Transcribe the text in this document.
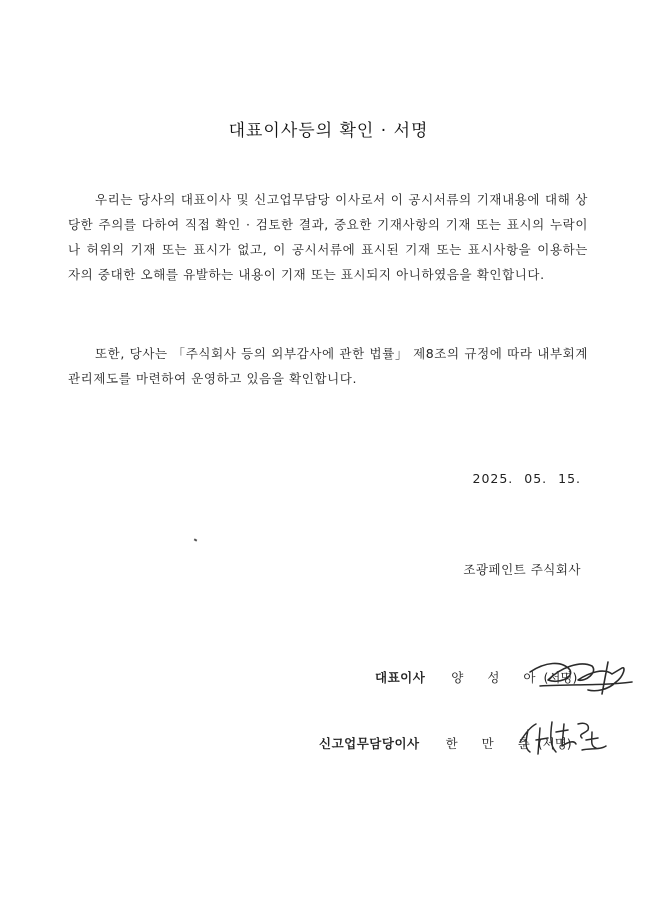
대표이사등의 확인 · 서명

우리는 당사의 대표이사 및 신고업무담당 이사로서 이 공시서류의 기재내용에 대해 상당한 주의를 다하여 직접 확인 · 검토한 결과, 중요한 기재사항의 기재 또는 표시의 누락이나 허위의 기재 또는 표시가 없고, 이 공시서류에 표시된 기재 또는 표시사항을 이용하는 자의 중대한 오해를 유발하는 내용이 기재 또는 표시되지 아니하였음을 확인합니다.

또한, 당사는 「주식회사 등의 외부감사에 관한 법률」 제8조의 규정에 따라 내부회계관리제도를 마련하여 운영하고 있음을 확인합니다.

2025. 05. 15.
조광페인트 주식회사
대표이사 양 성 아 (서명)
신고업무담당이사 한 만 춘 (서명)
